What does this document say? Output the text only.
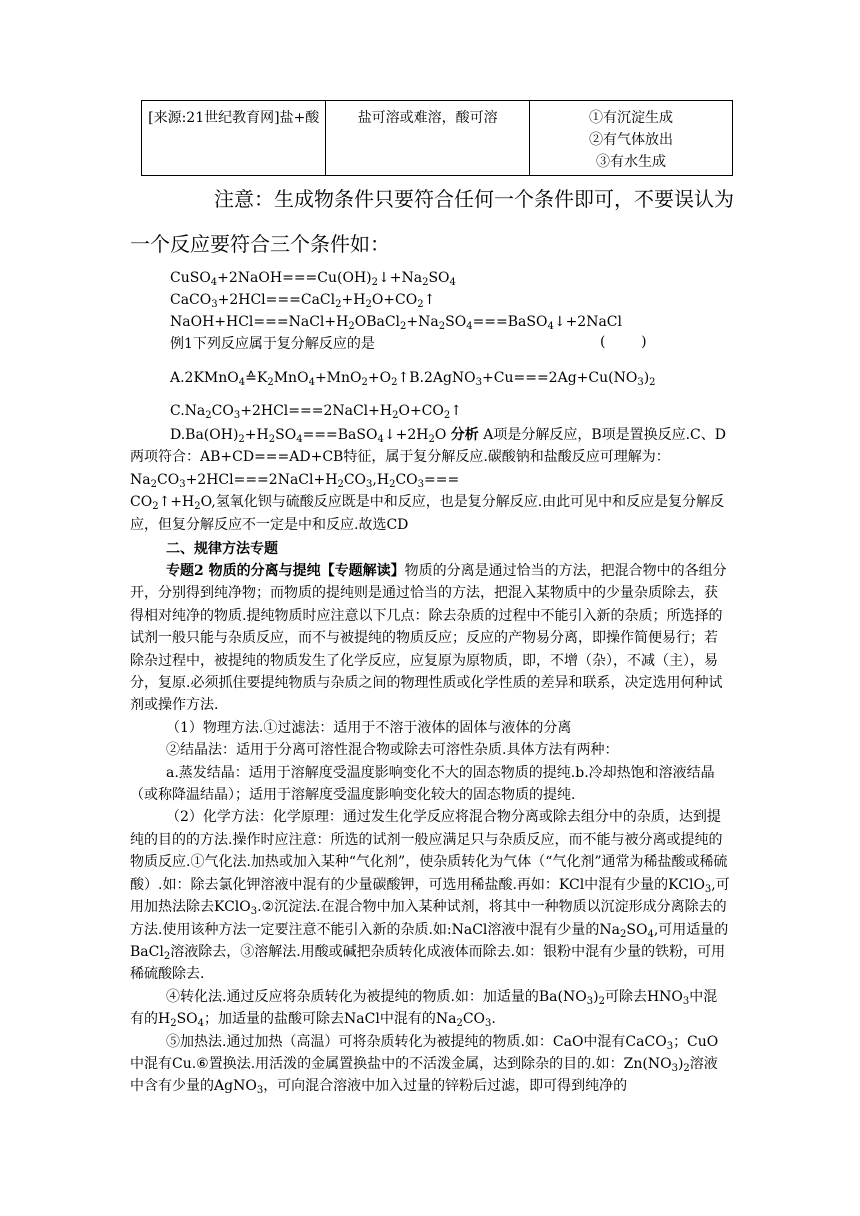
[来源:21世纪教育网]盐+酸	盐可溶或难溶，酸可溶	①有沉淀生成
②有气体放出
③有水生成
注意：生成物条件只要符合任何一个条件即可，不要误认为
一个反应要符合三个条件如：
$CuSO_4+2NaOH===Cu(OH)_2↓+Na_2SO_4$
$CaCO_3+2HCl===CaCl_2+H_2O+CO_2↑$
$NaOH+HCl===NaCl+H_2OBaCl_2+Na_2SO_4===BaSO_4↓+2NaCl$
例1下列反应属于复分解反应的是	(        )
$A.2KMnO_4≙K_2MnO_4+MnO_2+O_2↑B.2AgNO_3+Cu===2Ag+Cu(NO_3)_2$
$C.Na_2CO_3+2HCl===2NaCl+H_2O+CO_2↑$
$D.Ba(OH)_2+H_2SO_4===BaSO_4↓+2H_2O$ 分析 A项是分解反应，B项是置换反应.C、D两项符合：AB+CD===AD+CB特征，属于复分解反应.碳酸钠和盐酸反应可理解为：
$Na_2CO_3+2HCl===2NaCl+H_2CO_3,H_2CO_3===$
$CO_2↑+H_2O$,氢氧化钡与硫酸反应既是中和反应，也是复分解反应.由此可见中和反应是复分解反应，但复分解反应不一定是中和反应.故选CD
二、规律方法专题
专题2 物质的分离与提纯【专题解读】物质的分离是通过恰当的方法，把混合物中的各组分开，分别得到纯净物；而物质的提纯则是通过恰当的方法，把混入某物质中的少量杂质除去，获得相对纯净的物质.提纯物质时应注意以下几点：除去杂质的过程中不能引入新的杂质；所选择的试剂一般只能与杂质反应，而不与被提纯的物质反应；反应的产物易分离，即操作简便易行；若除杂过程中，被提纯的物质发生了化学反应，应复原为原物质，即，不增（杂），不减（主），易分，复原.必须抓住要提纯物质与杂质之间的物理性质或化学性质的差异和联系，决定选用何种试剂或操作方法.
（1）物理方法.①过滤法：适用于不溶于液体的固体与液体的分离
②结晶法：适用于分离可溶性混合物或除去可溶性杂质.具体方法有两种：
a.蒸发结晶：适用于溶解度受温度影响变化不大的固态物质的提纯.b.冷却热饱和溶液结晶（或称降温结晶）；适用于溶解度受温度影响变化较大的固态物质的提纯.
（2）化学方法：化学原理：通过发生化学反应将混合物分离或除去组分中的杂质，达到提纯的目的的方法.操作时应注意：所选的试剂一般应满足只与杂质反应，而不能与被分离或提纯的物质反应.①气化法.加热或加入某种“气化剂”，使杂质转化为气体（“气化剂”通常为稀盐酸或稀硫酸）.如：除去氯化钾溶液中混有的少量碳酸钾，可选用稀盐酸.再如：KCl中混有少量的KClO$_3$,可用加热法除去KClO$_3$.②沉淀法.在混合物中加入某种试剂，将其中一种物质以沉淀形成分离除去的方法.使用该种方法一定要注意不能引入新的杂质.如:NaCl溶液中混有少量的$Na_2SO_4$,可用适量的BaCl$_2$溶液除去，③溶解法.用酸或碱把杂质转化成液体而除去.如：银粉中混有少量的铁粉，可用稀硫酸除去.
④转化法.通过反应将杂质转化为被提纯的物质.如：加适量的$Ba(NO_3)_2$可除去$HNO_3$中混有的$H_2SO_4$；加适量的盐酸可除去NaCl中混有的$Na_2CO_3$.
⑤加热法.通过加热（高温）可将杂质转化为被提纯的物质.如：CaO中混有CaCO$_3$；CuO中混有Cu.⑥置换法.用活泼的金属置换盐中的不活泼金属，达到除杂的目的.如：$Zn(NO_3)_2$溶液中含有少量的AgNO$_3$，可向混合溶液中加入过量的锌粉后过滤，即可得到纯净的
